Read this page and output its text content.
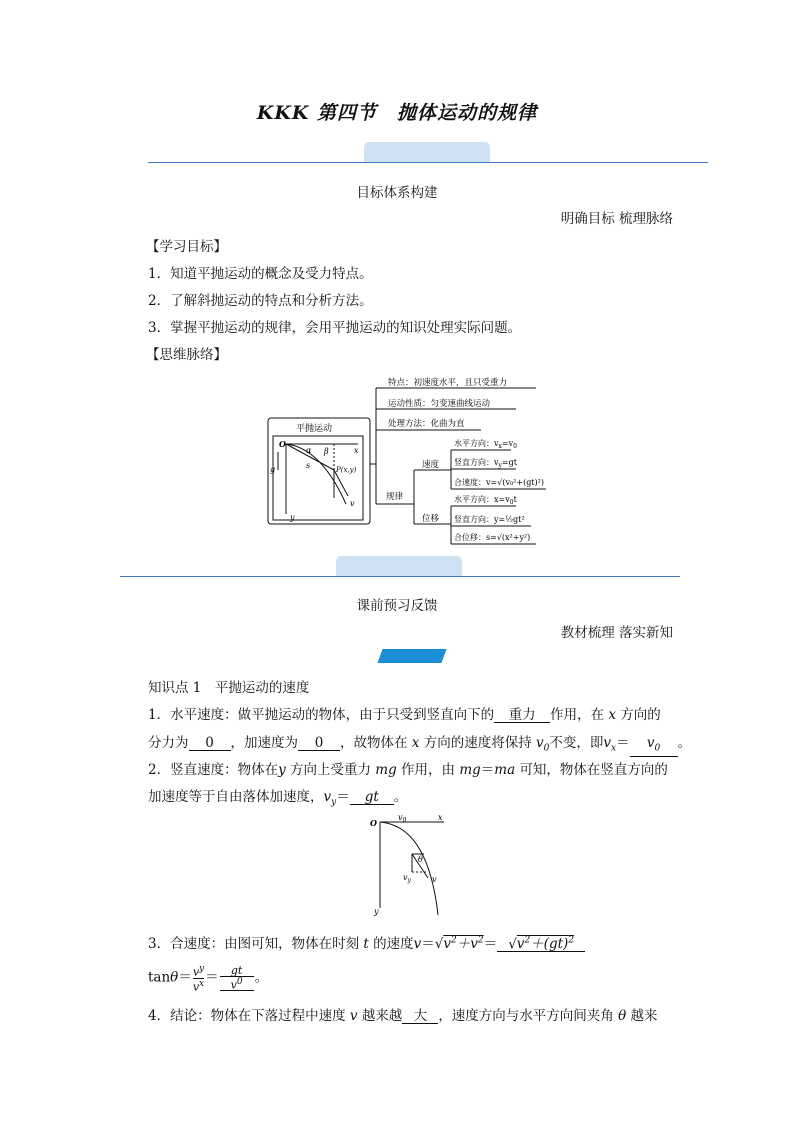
KKK 第四节　抛体运动的规律
目标体系构建
明确目标 梳理脉络
【学习目标】
1．知道平抛运动的概念及受力特点。
2．了解斜抛运动的特点和分析方法。
3．掌握平抛运动的规律，会用平抛运动的知识处理实际问题。
【思维脉络】
平抛运动
特点：初速度水平，且只受重力
运动性质：匀变速曲线运动
处理方法：化曲为直
规律
速度
位移
水平方向：$v_x=v_0$
竖直方向：$v_y=gt$
合速度：v=√(v₀²+(gt)²)
水平方向：$x=v_0t$
竖直方向：y=½gt²
合位移：s=√(x²+y²)
O
x
y
g	s	P(x,y)
α β
v
课前预习反馈
教材梳理 落实新知
知识点 1　平抛运动的速度
1．水平速度：做平抛运动的物体，由于只受到竖直向下的 重力 作用，在 x 方向的
分力为 0 ，加速度为 0 ，故物体在 x 方向的速度将保持 $v_0$不变，即$v_x= v_0$ 。
2．竖直速度：物体在y 方向上受重力 mg 作用，由 mg＝ma 可知，物体在竖直方向的
加速度等于自由落体加速度，$v_y=$ gt 。
O
x
y
θ
$v_0$
$v_y$	v
3．合速度：由图可知，物体在时刻 t 的速度$v=√v^2+v^2= √v^2+(gt)^2$
$\tan\theta= \frac{v^y}{v^x} = \frac{gt}{v^0}$ 。
4．结论：物体在下落过程中速度 v 越来越 大 ，速度方向与水平方向间夹角 θ 越来
